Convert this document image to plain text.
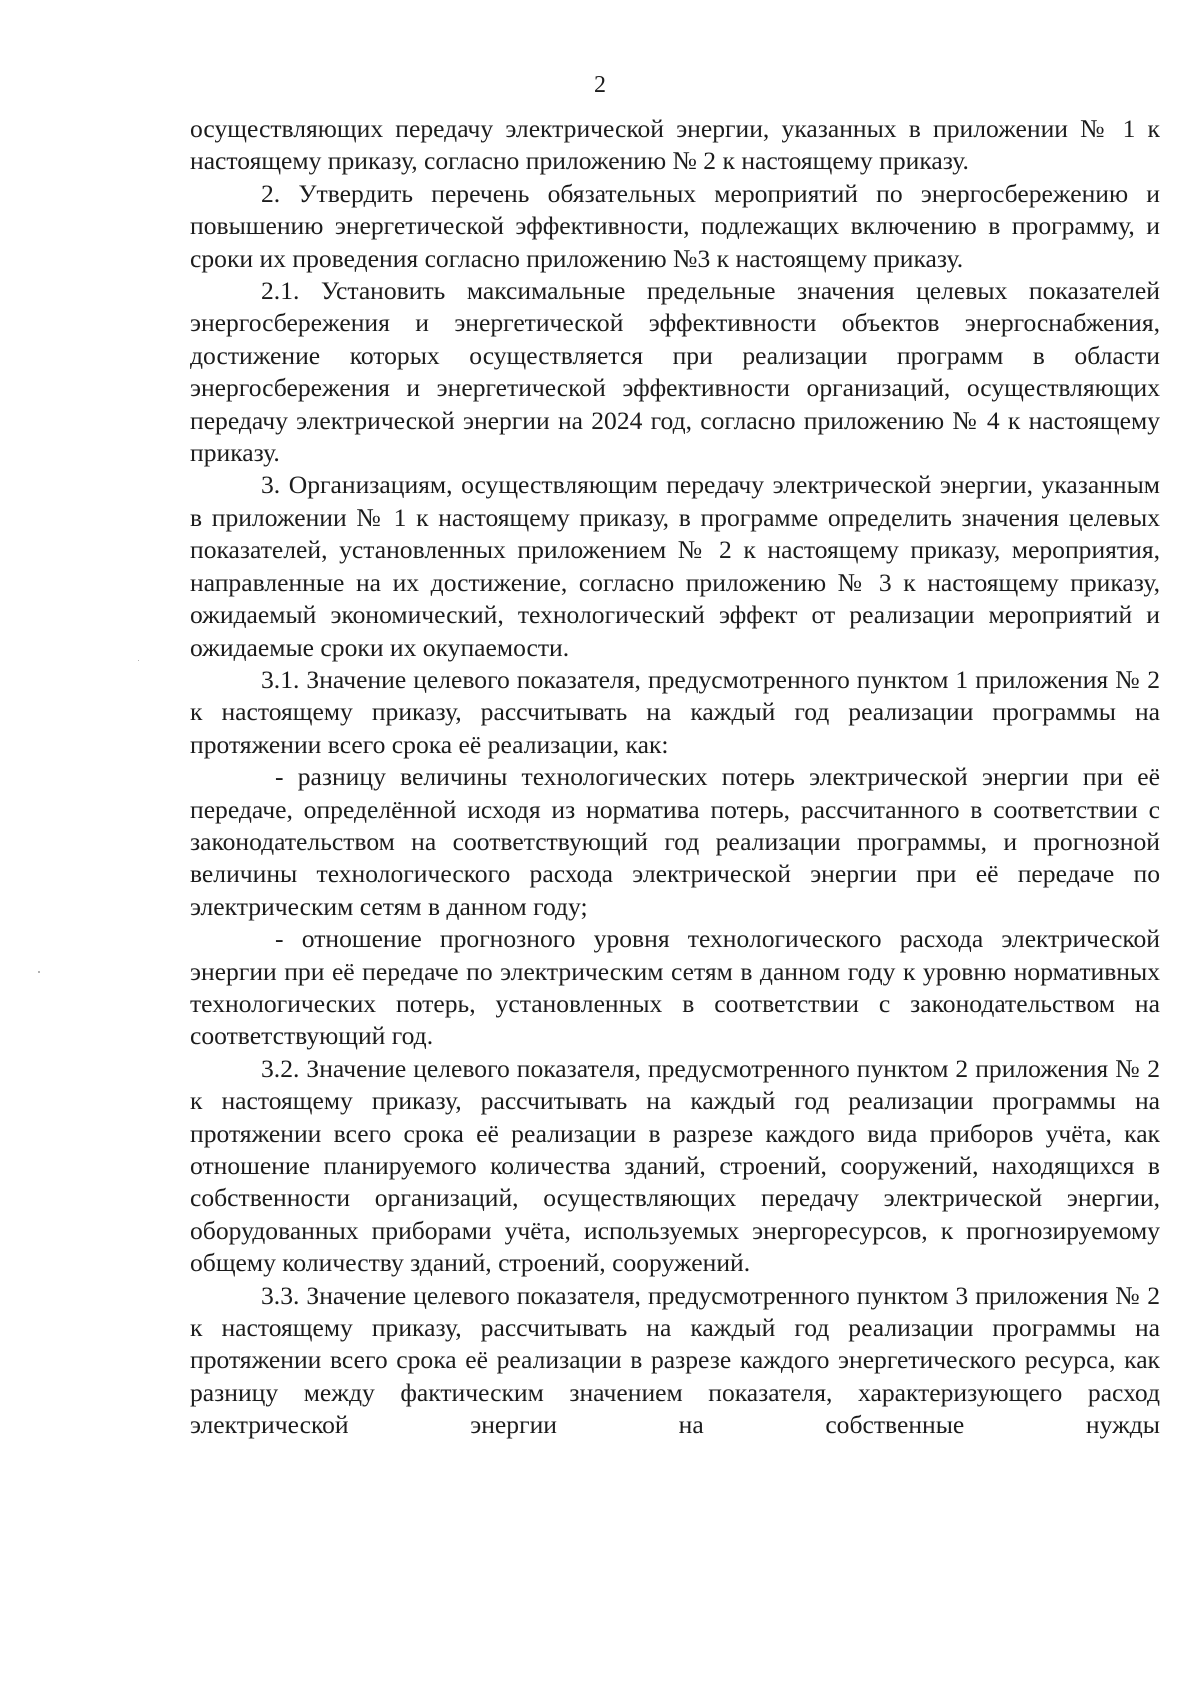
2

осуществляющих передачу электрической энергии, указанных в приложении № 1 к настоящему приказу, согласно приложению № 2 к настоящему приказу.

2. Утвердить перечень обязательных мероприятий по энергосбережению и повышению энергетической эффективности, подлежащих включению в программу, и сроки их проведения согласно приложению №3 к настоящему приказу.

2.1. Установить максимальные предельные значения целевых показателей энергосбережения и энергетической эффективности объектов энергоснабжения, достижение которых осуществляется при реализации программ в области энергосбережения и энергетической эффективности организаций, осуществляющих передачу электрической энергии на 2024 год, согласно приложению № 4 к настоящему приказу.

3. Организациям, осуществляющим передачу электрической энергии, указанным в приложении № 1 к настоящему приказу, в программе определить значения целевых показателей, установленных приложением № 2 к настоящему приказу, мероприятия, направленные на их достижение, согласно приложению № 3 к настоящему приказу, ожидаемый экономический, технологический эффект от реализации мероприятий и ожидаемые сроки их окупаемости.

3.1. Значение целевого показателя, предусмотренного пунктом 1 приложения № 2 к настоящему приказу, рассчитывать на каждый год реализации программы на протяжении всего срока её реализации, как:

- разницу величины технологических потерь электрической энергии при её передаче, определённой исходя из норматива потерь, рассчитанного в соответствии с законодательством на соответствующий год реализации программы, и прогнозной величины технологического расхода электрической энергии при её передаче по электрическим сетям в данном году;

- отношение прогнозного уровня технологического расхода электрической энергии при её передаче по электрическим сетям в данном году к уровню нормативных технологических потерь, установленных в соответствии с законодательством на соответствующий год.

3.2. Значение целевого показателя, предусмотренного пунктом 2 приложения № 2 к настоящему приказу, рассчитывать на каждый год реализации программы на протяжении всего срока её реализации в разрезе каждого вида приборов учёта, как отношение планируемого количества зданий, строений, сооружений, находящихся в собственности организаций, осуществляющих передачу электрической энергии, оборудованных приборами учёта, используемых энергоресурсов, к прогнозируемому общему количеству зданий, строений, сооружений.

3.3. Значение целевого показателя, предусмотренного пунктом 3 приложения № 2 к настоящему приказу, рассчитывать на каждый год реализации программы на протяжении всего срока её реализации в разрезе каждого энергетического ресурса, как разницу между фактическим значением показателя, характеризующего расход электрической энергии на собственные нужды
